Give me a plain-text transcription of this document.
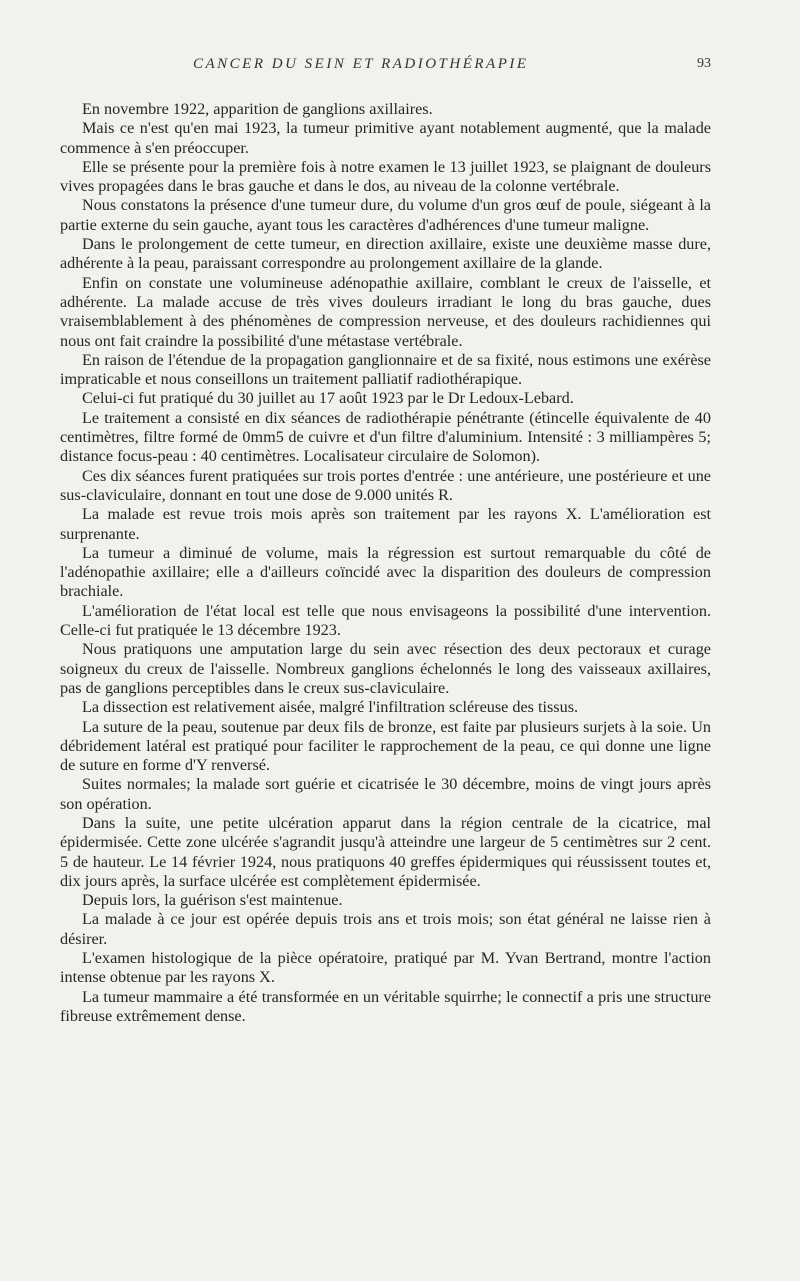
CANCER DU SEIN ET RADIOTHÉRAPIE	93

En novembre 1922, apparition de ganglions axillaires.

Mais ce n'est qu'en mai 1923, la tumeur primitive ayant notablement augmenté, que la malade commence à s'en préoccuper.

Elle se présente pour la première fois à notre examen le 13 juillet 1923, se plaignant de douleurs vives propagées dans le bras gauche et dans le dos, au niveau de la colonne vertébrale.

Nous constatons la présence d'une tumeur dure, du volume d'un gros œuf de poule, siégeant à la partie externe du sein gauche, ayant tous les caractères d'adhérences d'une tumeur maligne.

Dans le prolongement de cette tumeur, en direction axillaire, existe une deuxième masse dure, adhérente à la peau, paraissant correspondre au prolongement axillaire de la glande.

Enfin on constate une volumineuse adénopathie axillaire, comblant le creux de l'aisselle, et adhérente. La malade accuse de très vives douleurs irradiant le long du bras gauche, dues vraisemblablement à des phénomènes de compression nerveuse, et des douleurs rachidiennes qui nous ont fait craindre la possibilité d'une métastase vertébrale.

En raison de l'étendue de la propagation ganglionnaire et de sa fixité, nous estimons une exérèse impraticable et nous conseillons un traitement palliatif radiothérapique.

Celui-ci fut pratiqué du 30 juillet au 17 août 1923 par le Dr Ledoux-Lebard.

Le traitement a consisté en dix séances de radiothérapie pénétrante (étincelle équivalente de 40 centimètres, filtre formé de 0mm5 de cuivre et d'un filtre d'aluminium. Intensité : 3 milliampères 5; distance focus-peau : 40 centimètres. Localisateur circulaire de Solomon).

Ces dix séances furent pratiquées sur trois portes d'entrée : une antérieure, une postérieure et une sus-claviculaire, donnant en tout une dose de 9.000 unités R.

La malade est revue trois mois après son traitement par les rayons X. L'amélioration est surprenante.

La tumeur a diminué de volume, mais la régression est surtout remarquable du côté de l'adénopathie axillaire; elle a d'ailleurs coïncidé avec la disparition des douleurs de compression brachiale.

L'amélioration de l'état local est telle que nous envisageons la possibilité d'une intervention. Celle-ci fut pratiquée le 13 décembre 1923.

Nous pratiquons une amputation large du sein avec résection des deux pectoraux et curage soigneux du creux de l'aisselle. Nombreux ganglions échelonnés le long des vaisseaux axillaires, pas de ganglions perceptibles dans le creux sus-claviculaire.

La dissection est relativement aisée, malgré l'infiltration scléreuse des tissus.

La suture de la peau, soutenue par deux fils de bronze, est faite par plusieurs surjets à la soie. Un débridement latéral est pratiqué pour faciliter le rapprochement de la peau, ce qui donne une ligne de suture en forme d'Y renversé.

Suites normales; la malade sort guérie et cicatrisée le 30 décembre, moins de vingt jours après son opération.

Dans la suite, une petite ulcération apparut dans la région centrale de la cicatrice, mal épidermisée. Cette zone ulcérée s'agrandit jusqu'à atteindre une largeur de 5 centimètres sur 2 cent. 5 de hauteur. Le 14 février 1924, nous pratiquons 40 greffes épidermiques qui réussissent toutes et, dix jours après, la surface ulcérée est complètement épidermisée.

Depuis lors, la guérison s'est maintenue.

La malade à ce jour est opérée depuis trois ans et trois mois; son état général ne laisse rien à désirer.

L'examen histologique de la pièce opératoire, pratiqué par M. Yvan Bertrand, montre l'action intense obtenue par les rayons X.

La tumeur mammaire a été transformée en un véritable squirrhe; le connectif a pris une structure fibreuse extrêmement dense.
